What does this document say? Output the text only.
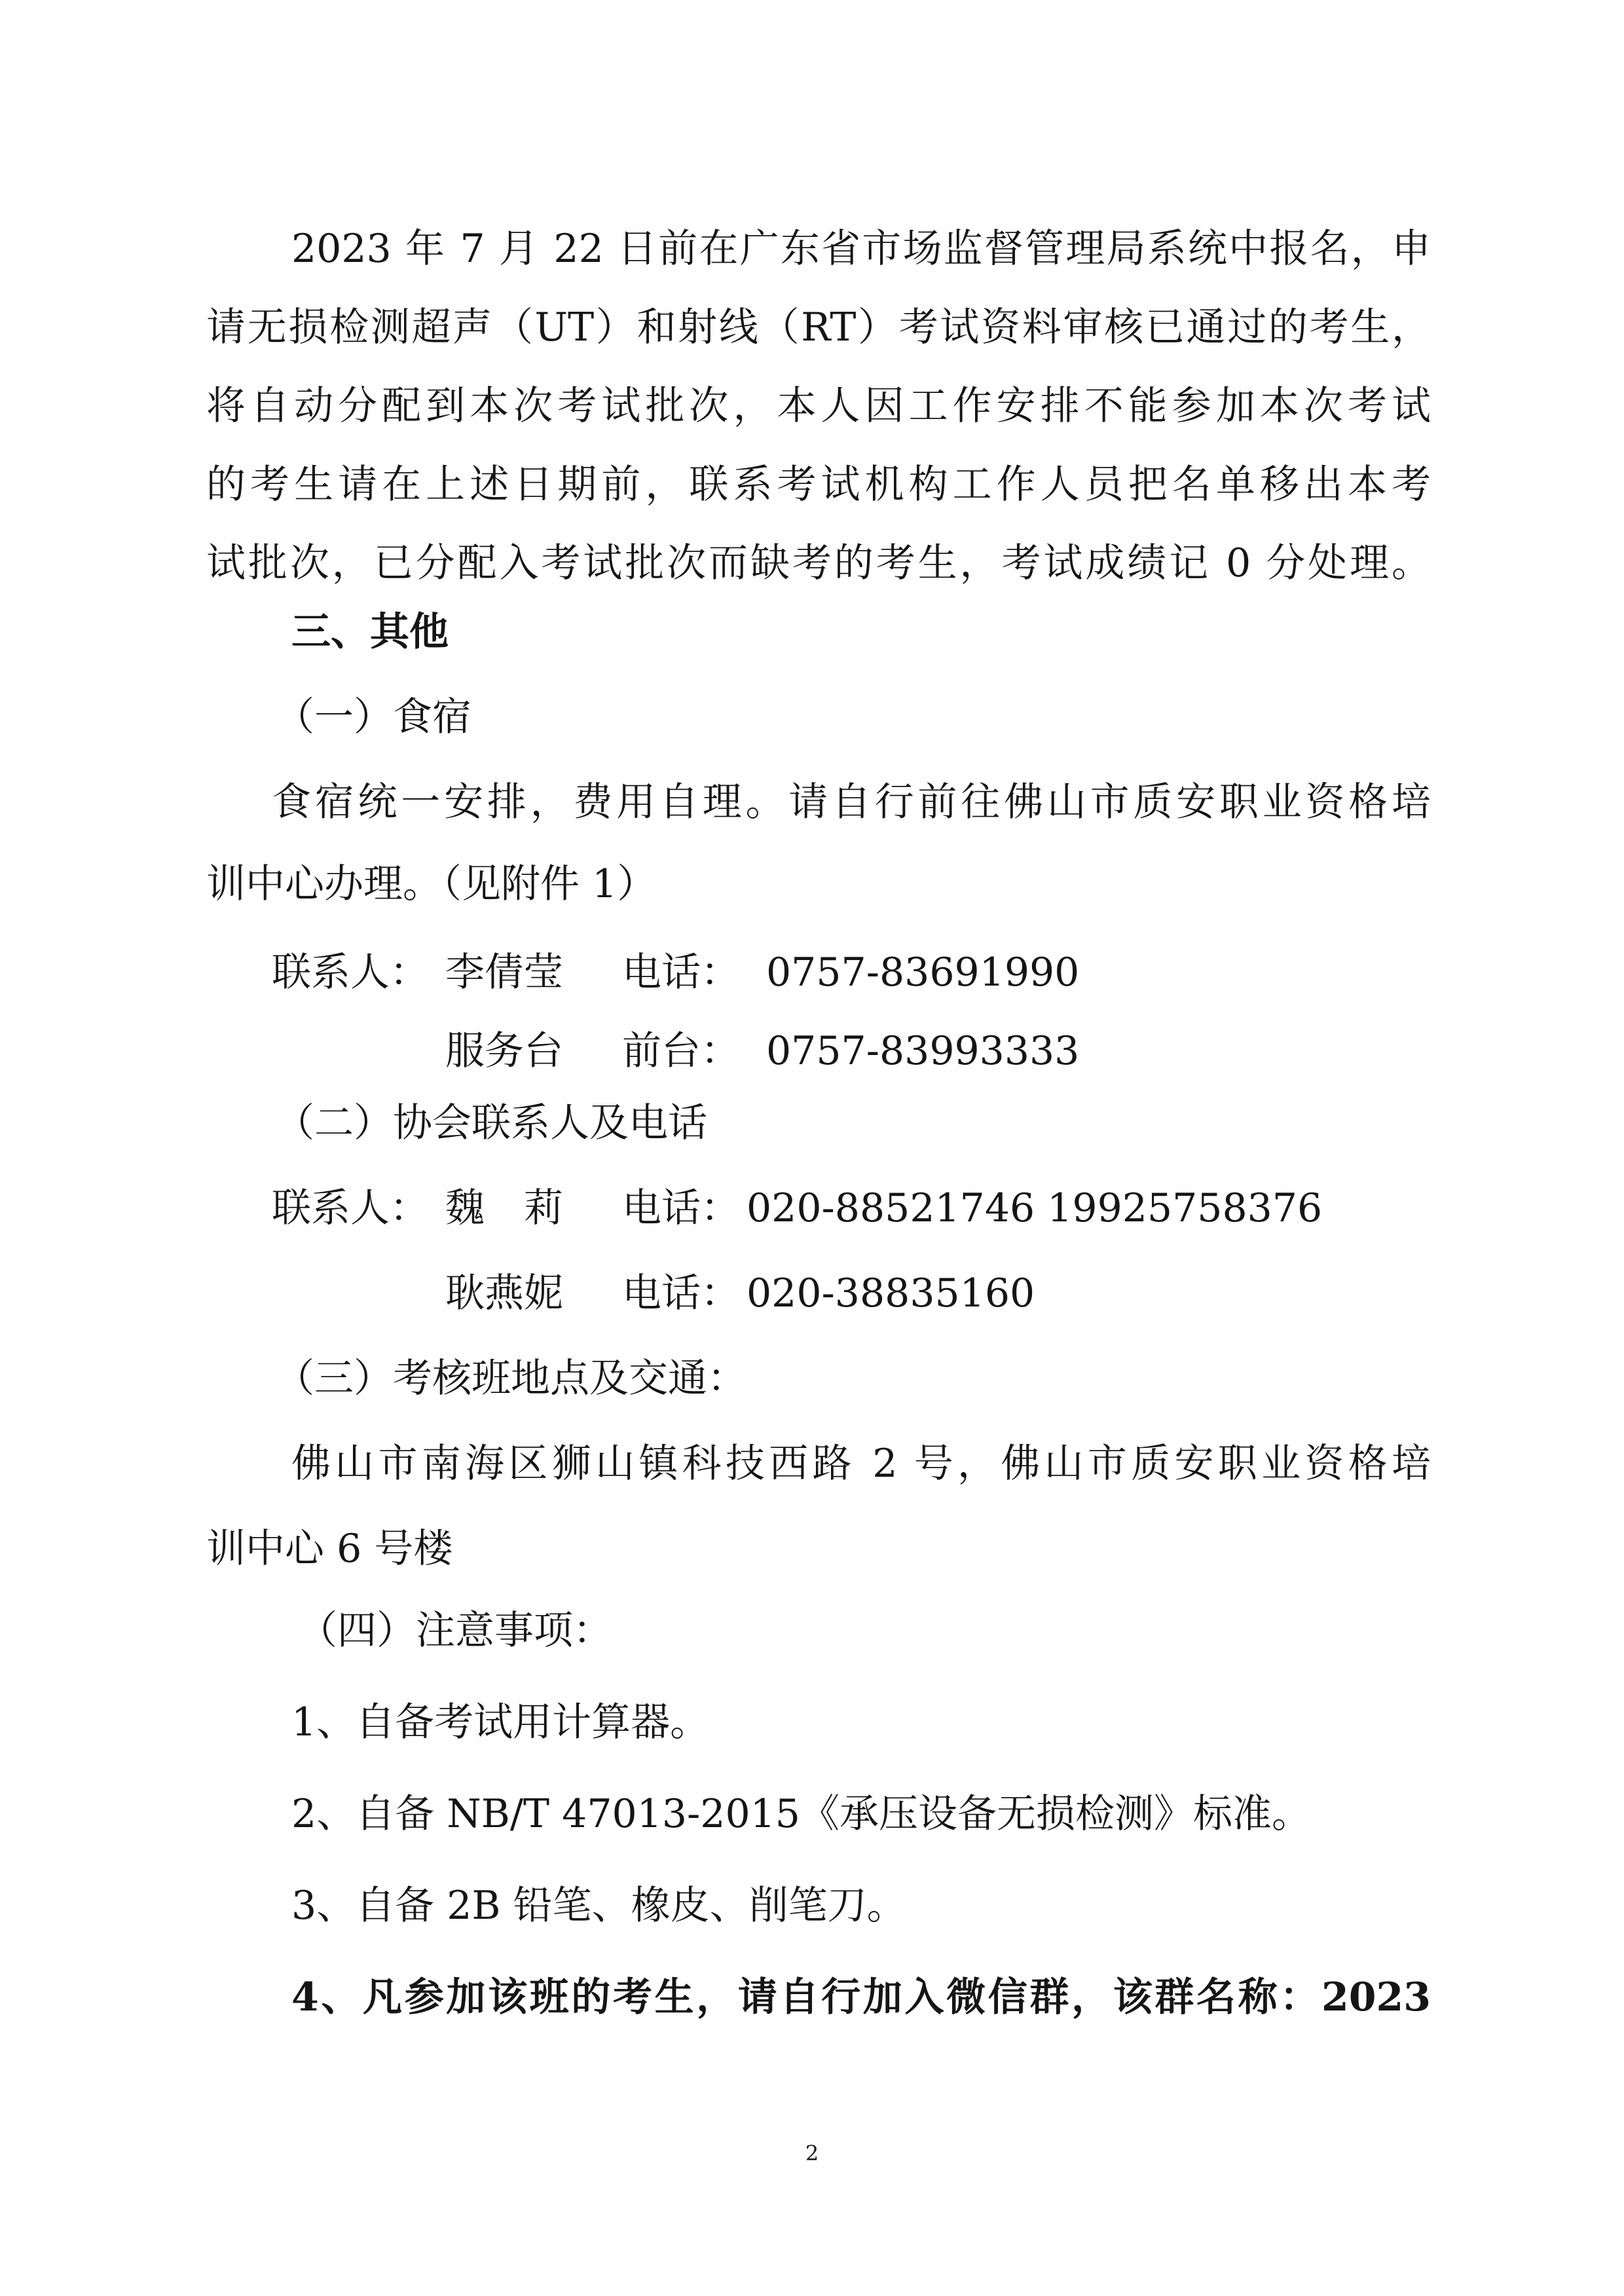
2023 年 7 月 22 日前在广东省市场监督管理局系统中报名，申

请无损检测超声（UT）和射线（RT）考试资料审核已通过的考生，

将自动分配到本次考试批次，本人因工作安排不能参加本次考试

的考生请在上述日期前，联系考试机构工作人员把名单移出本考

试批次，已分配入考试批次而缺考的考生，考试成绩记 0 分处理。

三、其他

（一）食宿

食宿统一安排，费用自理。请自行前往佛山市质安职业资格培

训中心办理。（见附件 1）

联系人： 李倩莹 电话： 0757-83691990
服务台 前台： 0757-83993333

（二）协会联系人及电话

联系人： 魏　莉 电话： 020-88521746 19925758376
耿燕妮 电话： 020-38835160

（三）考核班地点及交通：

佛山市南海区狮山镇科技西路 2 号，佛山市质安职业资格培

训中心 6 号楼

（四）注意事项：

1、自备考试用计算器。

2、自备 NB/T 47013-2015《承压设备无损检测》标准。

3、自备 2B 铅笔、橡皮、削笔刀。

4、凡参加该班的考生，请自行加入微信群，该群名称：2023

2
